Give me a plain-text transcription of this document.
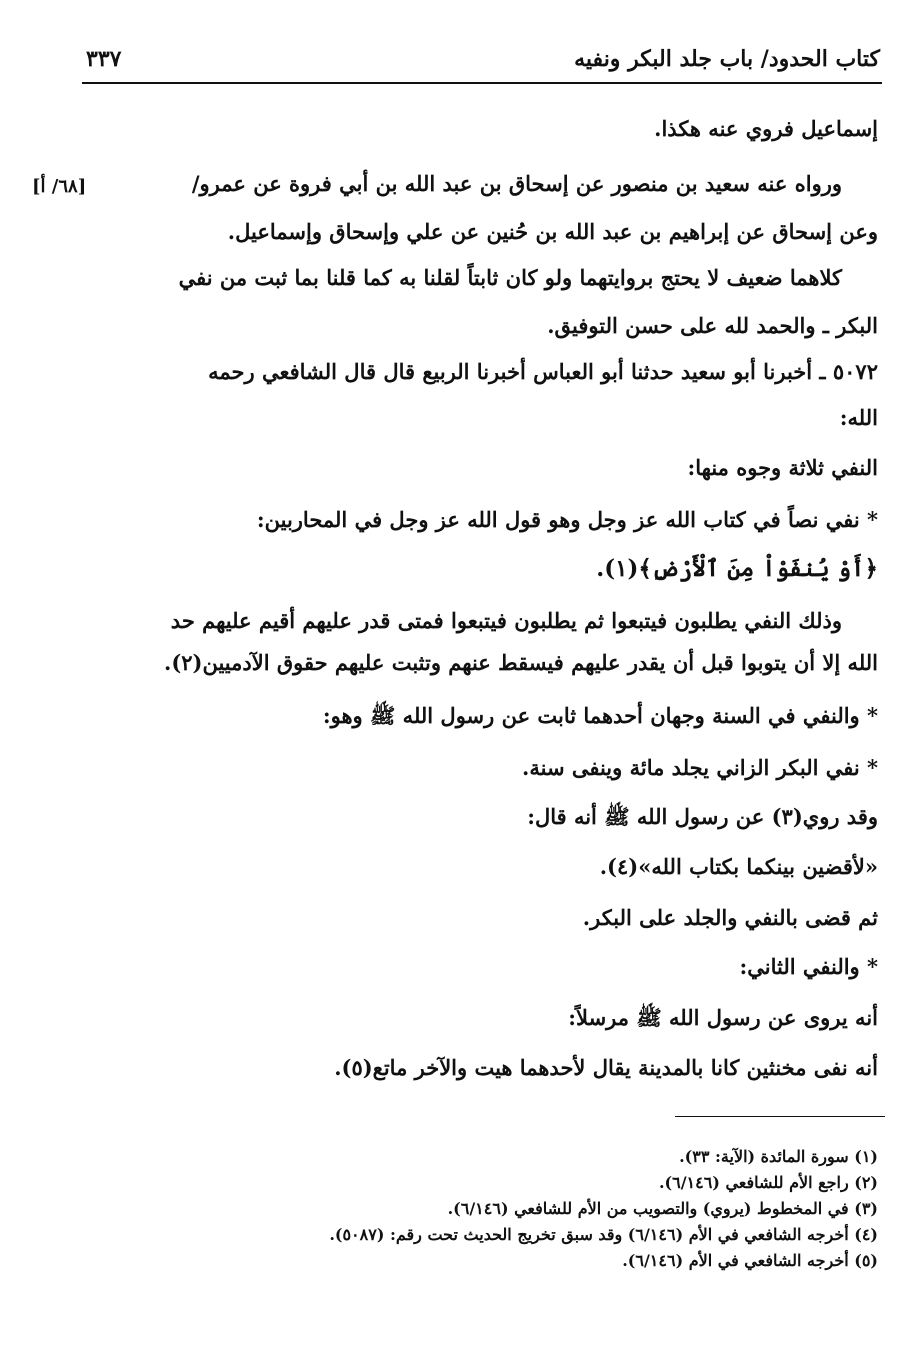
كتاب الحدود/ باب جلد البكر ونفيه
٣٣٧
[٦٨/ أ]
إسماعيل فروي عنه هكذا.
ورواه عنه سعيد بن منصور عن إسحاق بن عبد الله بن أبي فروة عن عمرو/
وعن إسحاق عن إبراهيم بن عبد الله بن حُنين عن علي وإسحاق وإسماعيل.
كلاهما ضعيف لا يحتج بروايتهما ولو كان ثابتاً لقلنا به كما قلنا بما ثبت من نفي
البكر ـ والحمد لله على حسن التوفيق.
٥٠٧٢ ـ أخبرنا أبو سعيد حدثنا أبو العباس أخبرنا الربيع قال قال الشافعي رحمه
الله:
النفي ثلاثة وجوه منها:
* نفي نصاً في كتاب الله عز وجل وهو قول الله عز وجل في المحاربين:
﴿أَوْ يُنفَوْاْ مِنَ ٱلْأَرْضِ﴾(١).
وذلك النفي يطلبون فيتبعوا ثم يطلبون فيتبعوا فمتى قدر عليهم أقيم عليهم حد
الله إلا أن يتوبوا قبل أن يقدر عليهم فيسقط عنهم وتثبت عليهم حقوق الآدميين(٢).
* والنفي في السنة وجهان أحدهما ثابت عن رسول الله ﷺ وهو:
* نفي البكر الزاني يجلد مائة وينفى سنة.
وقد روي(٣) عن رسول الله ﷺ أنه قال:
«لأقضين بينكما بكتاب الله»(٤).
ثم قضى بالنفي والجلد على البكر.
* والنفي الثاني:
أنه يروى عن رسول الله ﷺ مرسلاً:
أنه نفى مخنثين كانا بالمدينة يقال لأحدهما هيت والآخر ماتع(٥).
(١) سورة المائدة (الآية: ٣٣).
(٢) راجع الأم للشافعي (٦/١٤٦).
(٣) في المخطوط (يروي) والتصويب من الأم للشافعي (٦/١٤٦).
(٤) أخرجه الشافعي في الأم (٦/١٤٦) وقد سبق تخريج الحديث تحت رقم: (٥٠٨٧).
(٥) أخرجه الشافعي في الأم (٦/١٤٦).
